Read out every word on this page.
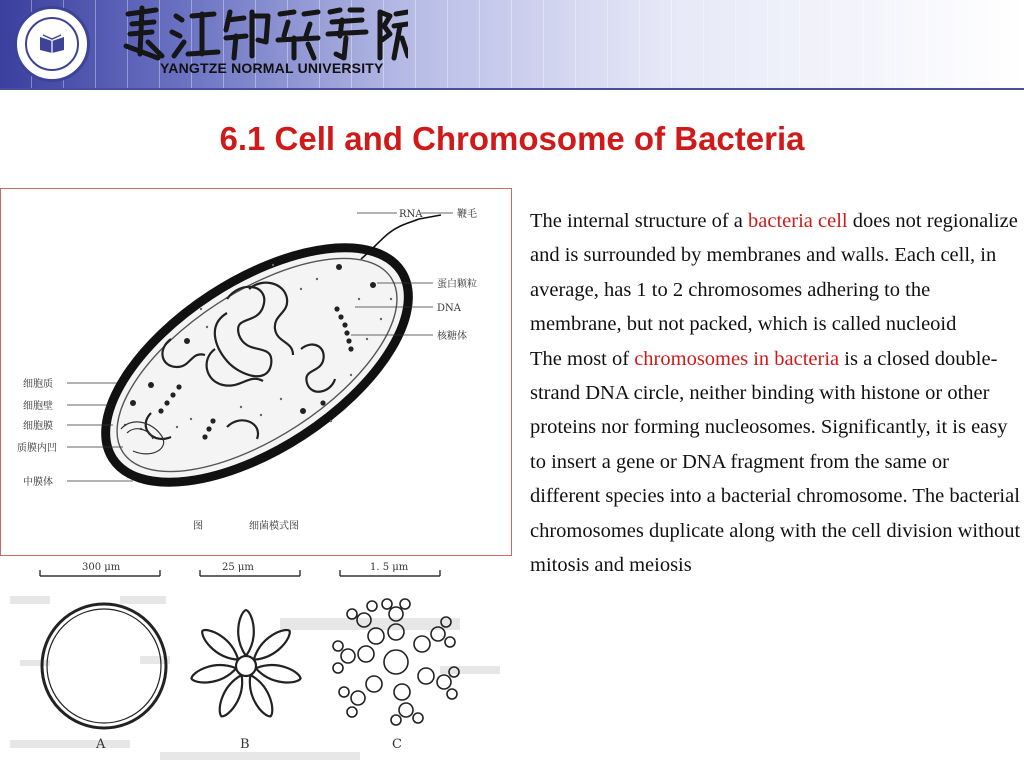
YANGTZE NORMAL UNIVERSITY
6.1 Cell and Chromosome of Bacteria
RNA	鞭毛
蛋白颗粒
DNA
核糖体
细胞质
细胞壁
细胞膜
质膜内凹
中膜体
图	细菌模式图
300 μm	25 μm	1. 5 μm
A	B	C

The internal structure of a bacteria cell does not regionalize and is surrounded by membranes and walls. Each cell, in average, has 1 to 2 chromosomes adhering to the membrane, but not packed, which is called nucleoid

The most of chromosomes in bacteria is a closed double-strand DNA circle, neither binding with histone or other proteins nor forming nucleosomes. Significantly, it is easy to insert a gene or DNA fragment from the same or different species into a bacterial chromosome. The bacterial chromosomes duplicate along with the cell division without mitosis and meiosis
